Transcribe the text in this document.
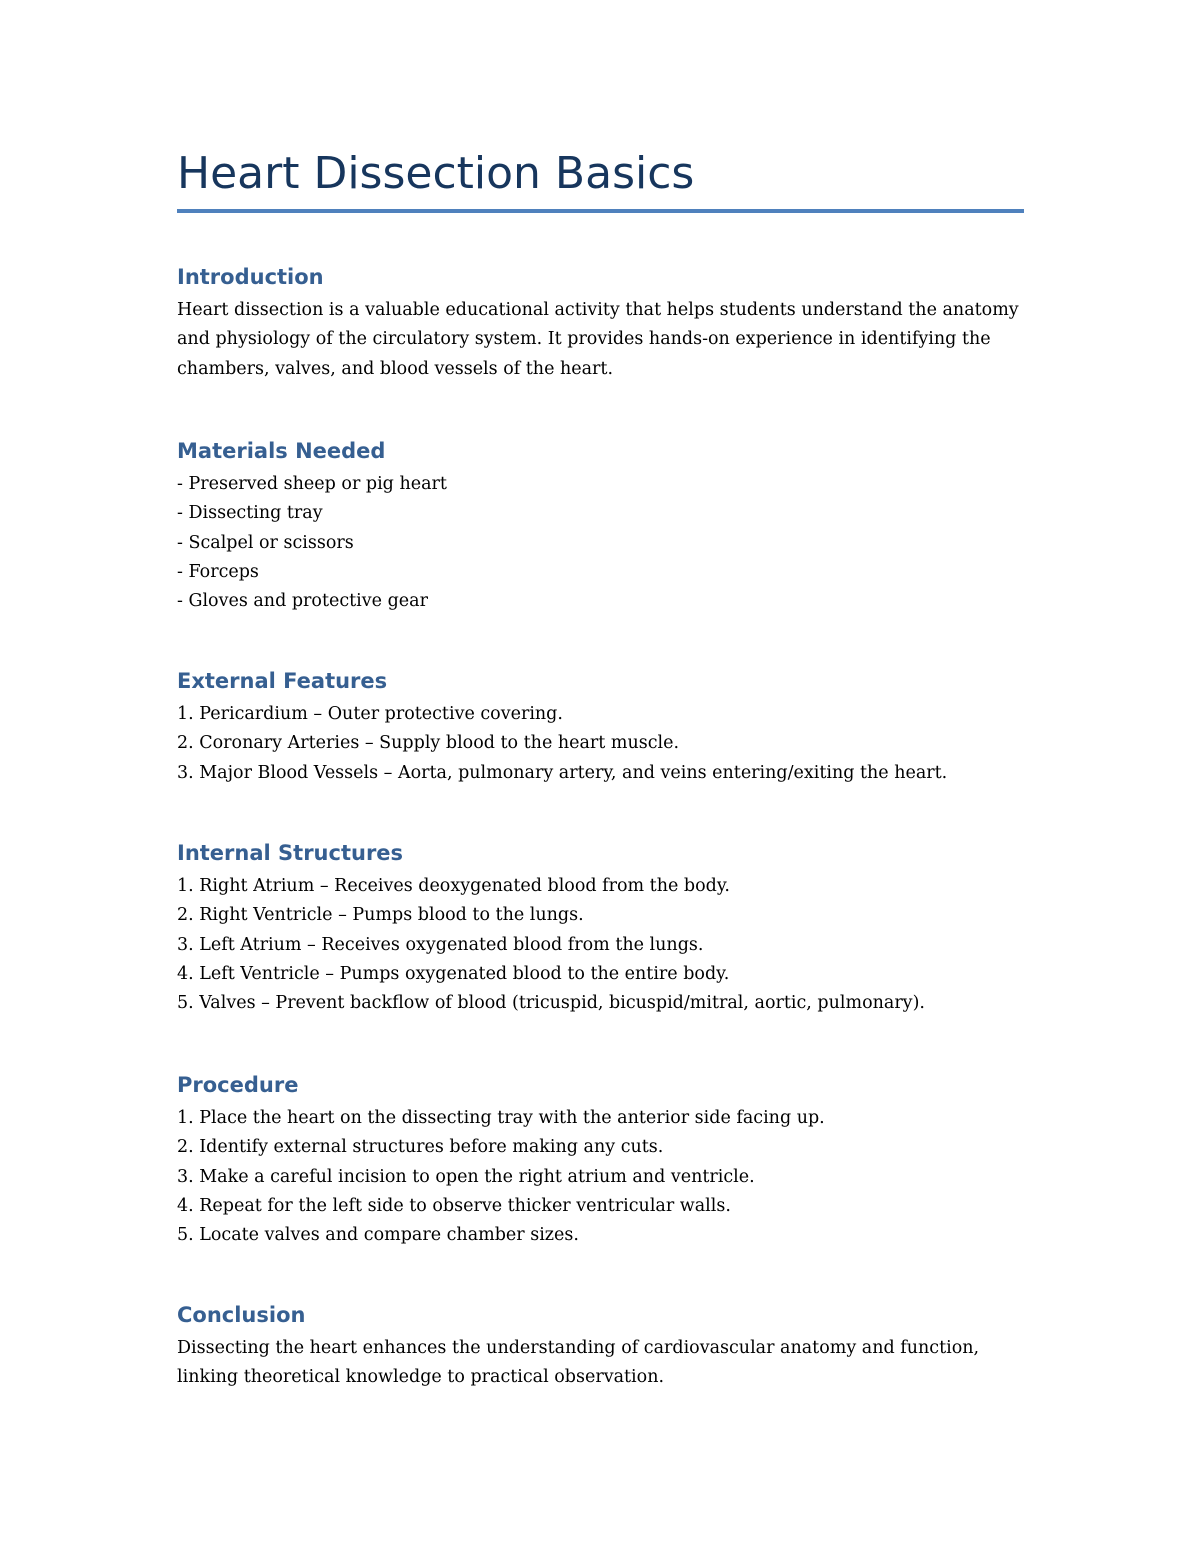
Heart Dissection Basics
Introduction

Heart dissection is a valuable educational activity that helps students understand the anatomy and physiology of the circulatory system. It provides hands-on experience in identifying the chambers, valves, and blood vessels of the heart.

Materials Needed
- Preserved sheep or pig heart
- Dissecting tray
- Scalpel or scissors
- Forceps
- Gloves and protective gear
External Features
1. Pericardium – Outer protective covering.
2. Coronary Arteries – Supply blood to the heart muscle.
3. Major Blood Vessels – Aorta, pulmonary artery, and veins entering/exiting the heart.
Internal Structures
1. Right Atrium – Receives deoxygenated blood from the body.
2. Right Ventricle – Pumps blood to the lungs.
3. Left Atrium – Receives oxygenated blood from the lungs.
4. Left Ventricle – Pumps oxygenated blood to the entire body.
5. Valves – Prevent backflow of blood (tricuspid, bicuspid/mitral, aortic, pulmonary).
Procedure
1. Place the heart on the dissecting tray with the anterior side facing up.
2. Identify external structures before making any cuts.
3. Make a careful incision to open the right atrium and ventricle.
4. Repeat for the left side to observe thicker ventricular walls.
5. Locate valves and compare chamber sizes.
Conclusion

Dissecting the heart enhances the understanding of cardiovascular anatomy and function, linking theoretical knowledge to practical observation.
